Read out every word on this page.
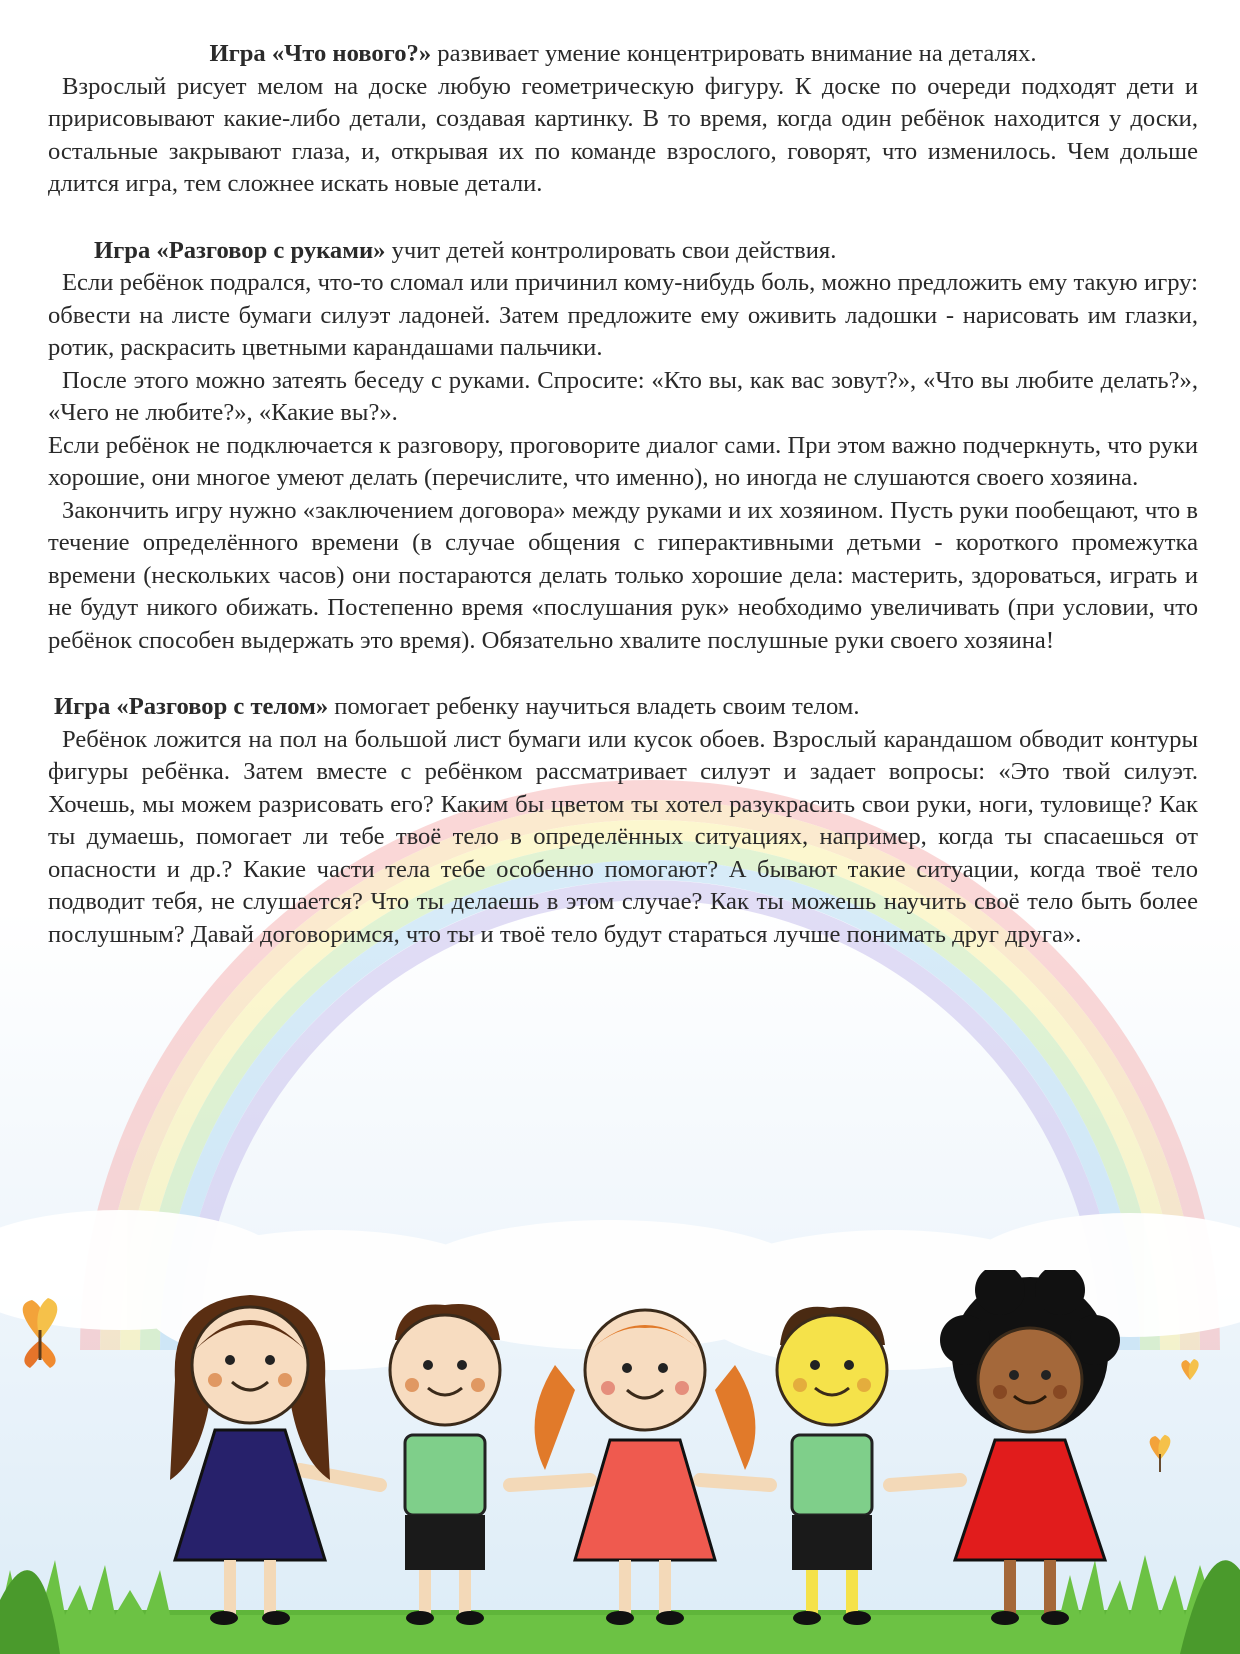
Игра «Что нового?» развивает умение концентрировать внимание на деталях.

Взрослый рисует мелом на доске любую геометрическую фигуру. К доске по очереди подходят дети и пририсовывают какие-либо детали, создавая картинку. В то время, когда один ребёнок находится у доски, остальные закрывают глаза, и, открывая их по команде взрослого, говорят, что изменилось. Чем дольше длится игра, тем сложнее искать новые детали.

Игра «Разговор с руками» учит детей контролировать свои действия.

Если ребёнок подрался, что-то сломал или причинил кому-нибудь боль, можно предложить ему такую игру: обвести на листе бумаги силуэт ладоней. Затем предложите ему оживить ладошки - нарисовать им глазки, ротик, раскрасить цветными карандашами пальчики.

После этого можно затеять беседу с руками. Спросите: «Кто вы, как вас зовут?», «Что вы любите делать?», «Чего не любите?», «Какие вы?».

Если ребёнок не подключается к разговору, проговорите диалог сами. При этом важно подчеркнуть, что руки хорошие, они многое умеют делать (перечислите, что именно), но иногда не слушаются своего хозяина.

Закончить игру нужно «заключением договора» между руками и их хозяином. Пусть руки пообещают, что в течение определённого времени (в случае общения с гиперактивными детьми - короткого промежутка времени (нескольких часов) они постараются делать только хорошие дела: мастерить, здороваться, играть и не будут никого обижать. Постепенно время «послушания рук» необходимо увеличивать (при условии, что ребёнок способен выдержать это время). Обязательно хвалите послушные руки своего хозяина!

Игра «Разговор с телом» помогает ребенку научиться владеть своим телом.

Ребёнок ложится на пол на большой лист бумаги или кусок обоев. Взрослый карандашом обводит контуры фигуры ребёнка. Затем вместе с ребёнком рассматривает силуэт и задает вопросы: «Это твой силуэт. Хочешь, мы можем разрисовать его? Каким бы цветом ты хотел разукрасить свои руки, ноги, туловище? Как ты думаешь, помогает ли тебе твоё тело в определённых ситуациях, например, когда ты спасаешься от опасности и др.? Какие части тела тебе особенно помогают? А бывают такие ситуации, когда твоё тело подводит тебя, не слушается? Что ты делаешь в этом случае? Как ты можешь научить своё тело быть более послушным? Давай договоримся, что ты и твоё тело будут стараться лучше понимать друг друга».
